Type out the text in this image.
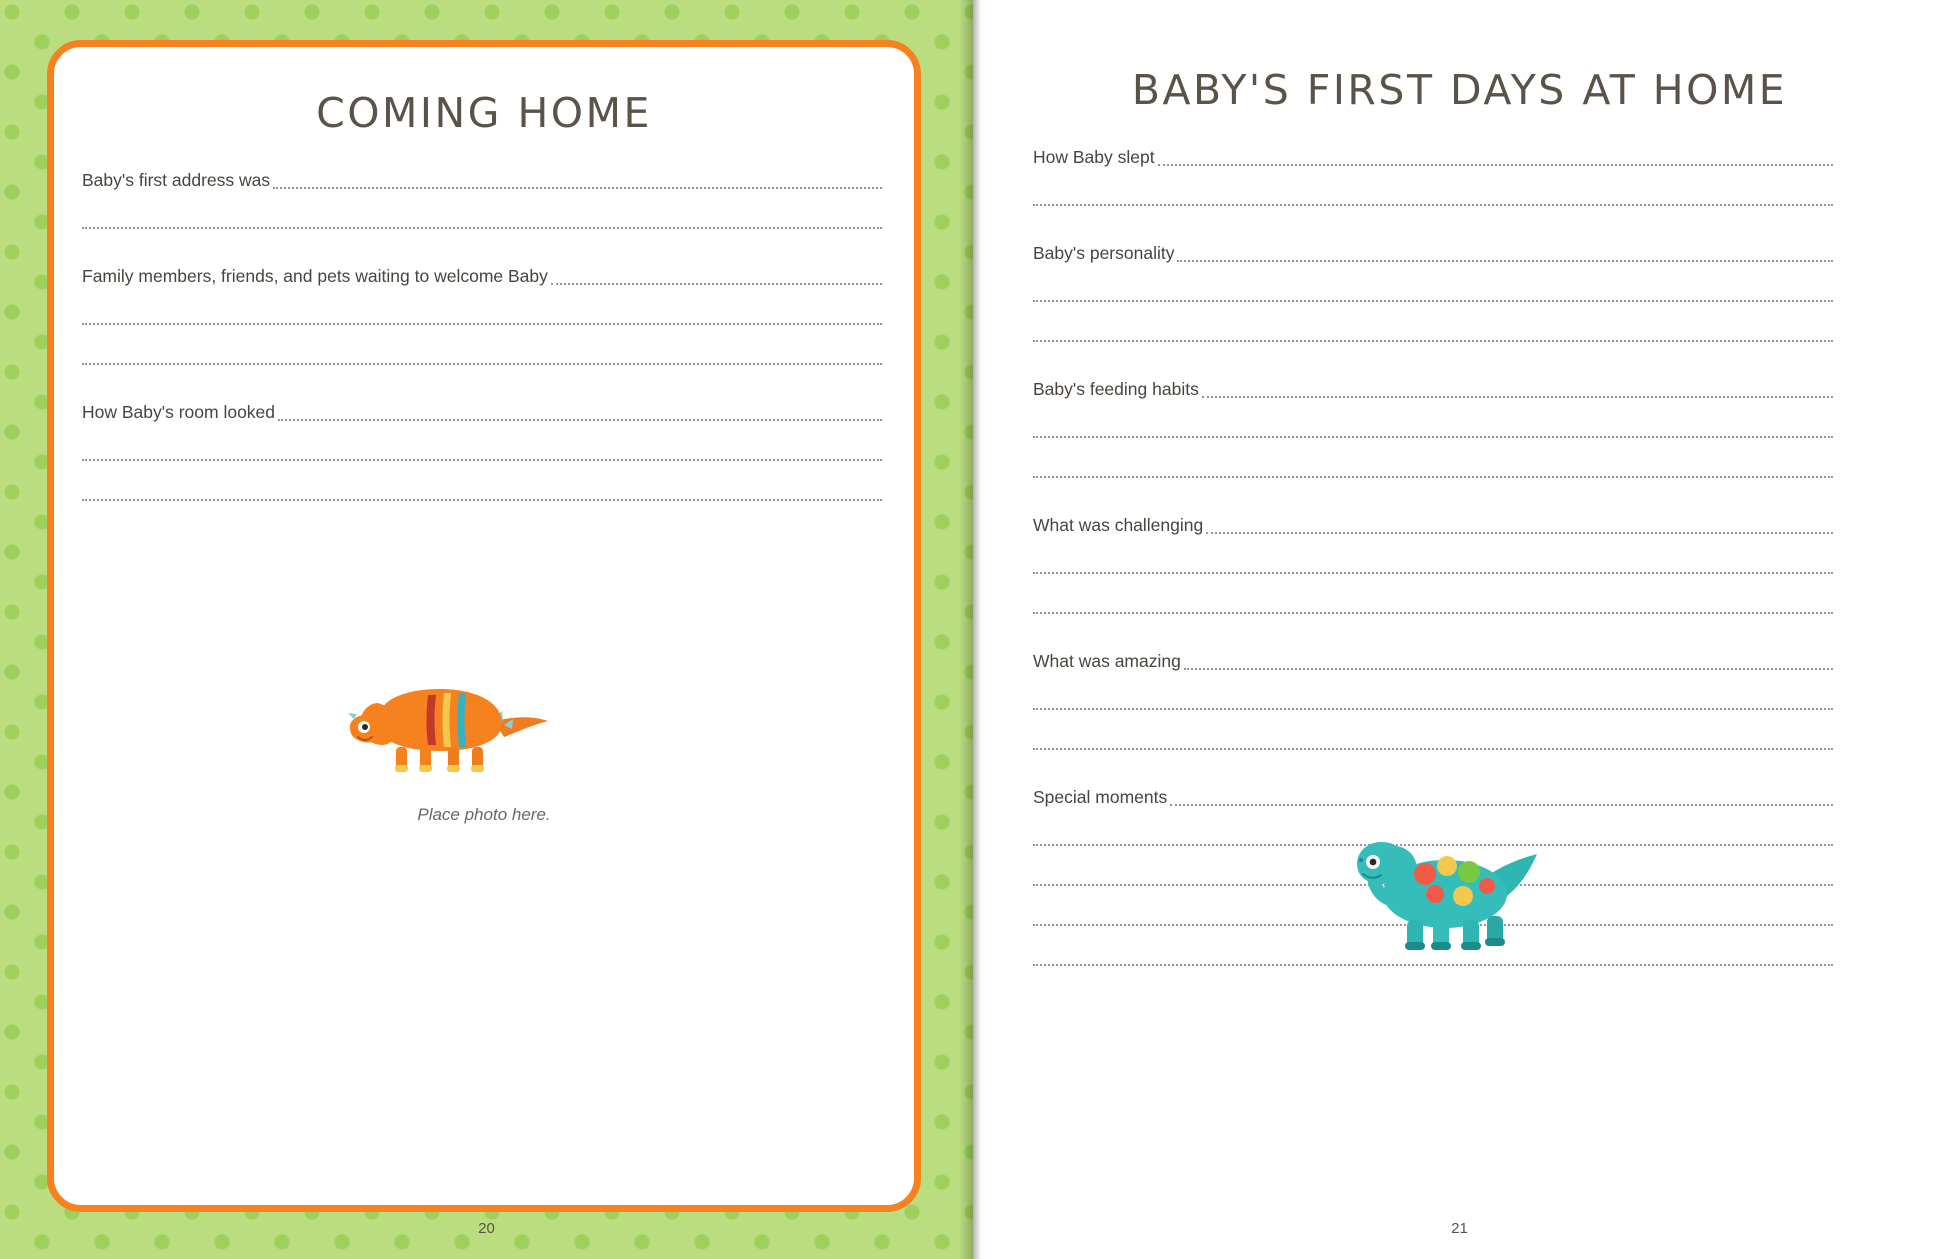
COMING HOME
Baby's first address was
Family members, friends, and pets waiting to welcome Baby
How Baby's room looked
Place photo here.
20
BABY'S FIRST DAYS AT HOME
How Baby slept
Baby's personality
Baby's feeding habits
What was challenging
What was amazing
Special moments
21
